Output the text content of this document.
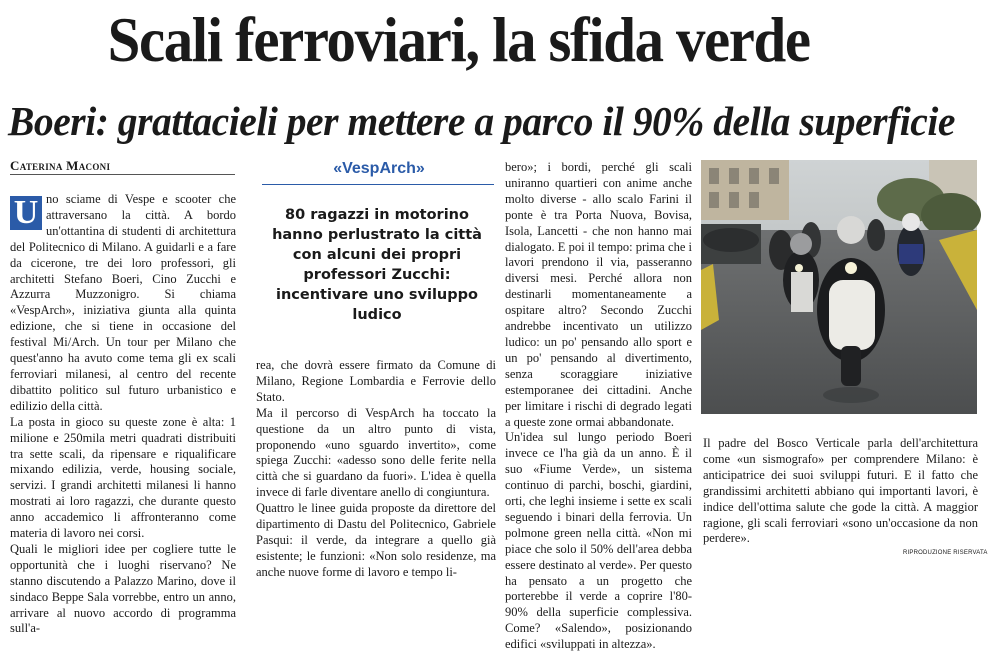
Scali ferroviari, la sfida verde
Boeri: grattacieli per mettere a parco il 90% della superficie
Caterina Maconi
U no sciame di Vespe e scooter che attraversano la città. A bordo un'ottantina di studenti di architettura del Politecnico di Milano. A guidarli e a fare da cicerone, tre dei loro professori, gli architetti Stefano Boeri, Cino Zucchi e Azzurra Muzzonigro. Si chiama «VespArch», iniziativa giunta alla quinta edizione, che si tiene in occasione del festival Mi/Arch. Un tour per Milano che quest'anno ha avuto come tema gli ex scali ferroviari milanesi, al centro del recente dibattito politico sul futuro urbanistico e edilizio della città.

La posta in gioco su queste zone è alta: 1 milione e 250mila metri quadrati distribuiti tra sette scali, da ripensare e riqualificare mixando edilizia, verde, housing sociale, servizi. I grandi architetti milanesi li hanno mostrati ai loro ragazzi, che durante questo anno accademico li affronteranno come materia di lavoro nei corsi.

Quali le migliori idee per cogliere tutte le opportunità che i luoghi riservano? Ne stanno discutendo a Palazzo Marino, dove il sindaco Beppe Sala vorrebbe, entro un anno, arrivare al nuovo accordo di programma sull'a-

«VespArch»
80 ragazzi in motorino hanno perlustrato la città con alcuni dei propri professori Zucchi: incentivare uno sviluppo ludico

rea, che dovrà essere firmato da Comune di Milano, Regione Lombardia e Ferrovie dello Stato.

Ma il percorso di VespArch ha toccato la questione da un altro punto di vista, proponendo «uno sguardo invertito», come spiega Zucchi: «adesso sono delle ferite nella città che si guardano da fuori». L'idea è quella invece di farle diventare anello di congiuntura.

Quattro le linee guida proposte da direttore del dipartimento di Dastu del Politecnico, Gabriele Pasqui: il verde, da integrare a quello già esistente; le funzioni: «Non solo residenze, ma anche nuove forme di lavoro e tempo li-

bero»; i bordi, perché gli scali uniranno quartieri con anime anche molto diverse - allo scalo Farini il ponte è tra Porta Nuova, Bovisa, Isola, Lancetti - che non hanno mai dialogato. E poi il tempo: prima che i lavori prendono il via, passeranno diversi mesi. Perché allora non destinarli momentaneamente a ospitare altro? Secondo Zucchi andrebbe incentivato un utilizzo ludico: un po' pensando allo sport e un po' pensando al divertimento, senza scoraggiare iniziative estemporanee dei cittadini. Anche per limitare i rischi di degrado legati a queste zone ormai abbandonate.

Un'idea sul lungo periodo Boeri invece ce l'ha già da un anno. È il suo «Fiume Verde», un sistema continuo di parchi, boschi, giardini, orti, che leghi insieme i sette ex scali seguendo i binari della ferrovia. Un polmone green nella città. «Non mi piace che solo il 50% dell'area debba essere destinato al verde». Per questo ha pensato a un progetto che porterebbe il verde a coprire l'80-90% della superficie complessiva. Come? «Salendo», posizionando edifici «sviluppati in altezza».

Il padre del Bosco Verticale parla dell'architettura come «un sismografo» per comprendere Milano: è anticipatrice dei suoi sviluppi futuri. E il fatto che grandissimi architetti abbiano qui importanti lavori, è indice dell'ottima salute che gode la città. A maggior ragione, gli scali ferroviari «sono un'occasione da non perdere».

RIPRODUZIONE RISERVATA
